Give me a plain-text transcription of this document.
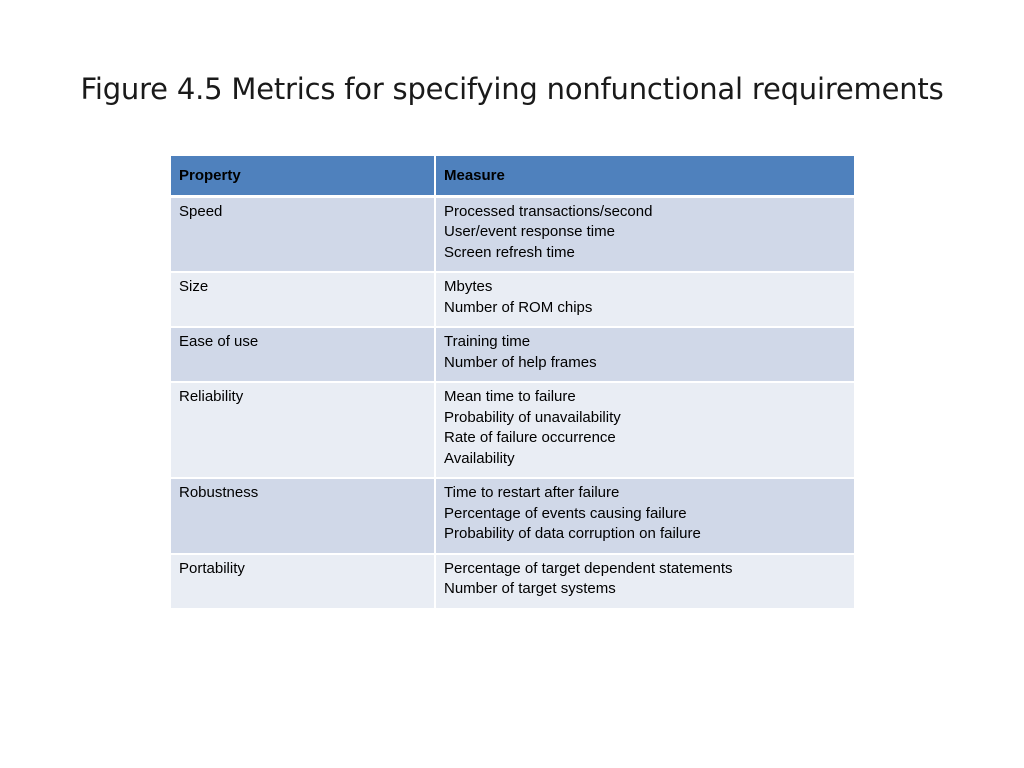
Figure 4.5 Metrics for specifying nonfunctional requirements
Property	Measure
Speed	Processed transactions/second
User/event response time
Screen refresh time

Size	Mbytes
Number of ROM chips

Ease of use	Training time
Number of help frames

Reliability	Mean time to failure
Probability of unavailability
Rate of failure occurrence
Availability

Robustness	Time to restart after failure
Percentage of events causing failure
Probability of data corruption on failure

Portability	Percentage of target dependent statements
Number of target systems
